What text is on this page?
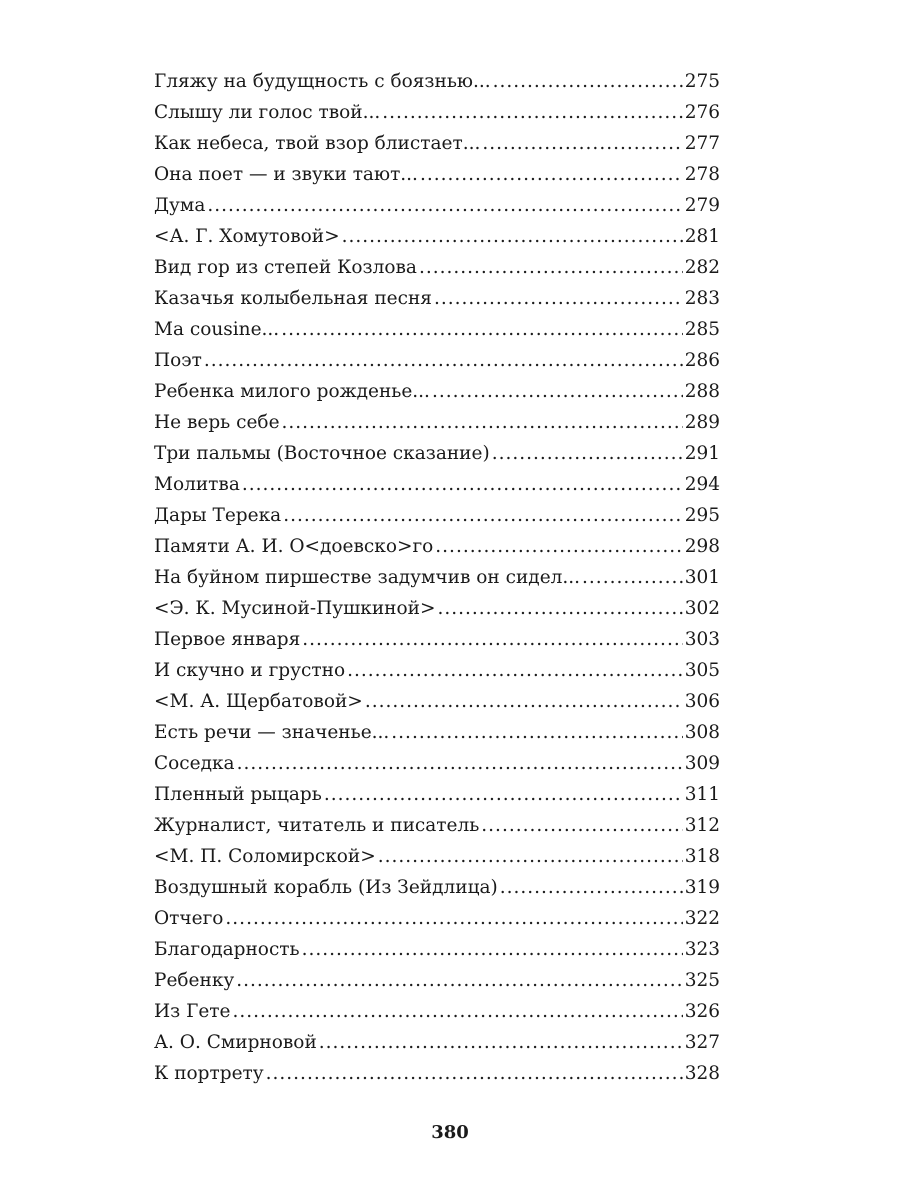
Гляжу на будущность с боязнью... .....	275
Слышу ли голос твой... .....	276
Как небеса, твой взор блистает... .....	277
Она поет — и звуки тают... .....	278
Дума .....	279
<А. Г. Хомутовой> .....	281
Вид гор из степей Козлова .....	282
Казачья колыбельная песня .....	283
Ma cousine... .....	285
Поэт .....	286
Ребенка милого рожденье... .....	288
Не верь себе .....	289
Три пальмы (Восточное сказание) .....	291
Молитва .....	294
Дары Терека .....	295
Памяти А. И. О<доевско>го .....	298
На буйном пиршестве задумчив он сидел... .....	301
<Э. К. Мусиной-Пушкиной> .....	302
Первое января .....	303
И скучно и грустно .....	305
<М. А. Щербатовой> .....	306
Есть речи — значенье... .....	308
Соседка .....	309
Пленный рыцарь .....	311
Журналист, читатель и писатель .....	312
<М. П. Соломирской> .....	318
Воздушный корабль (Из Зейдлица) .....	319
Отчего .....	322
Благодарность .....	323
Ребенку .....	325
Из Гете .....	326
А. О. Смирновой .....	327
К портрету .....	328
380
